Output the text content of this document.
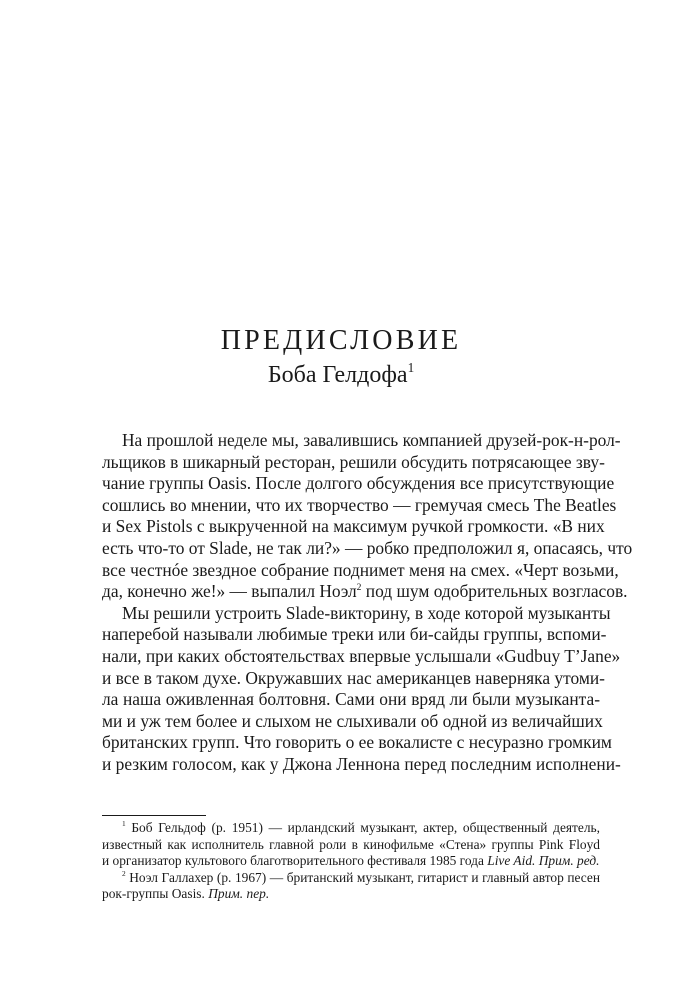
ПРЕДИСЛОВИЕ
Боба Гелдофа$^1$
На прошлой неделе мы, завалившись компанией друзей-рок-н-рол-
льщиков в шикарный ресторан, решили обсудить потрясающее зву-
чание группы Oasis. После долгого обсуждения все присутствующие
сошлись во мнении, что их творчество — гремучая смесь The Beatles
и Sex Pistols с выкрученной на максимум ручкой громкости. «В них
есть что-то от Slade, не так ли?» — робко предположил я, опасаясь, что
все честнóе звездное собрание поднимет меня на смех. «Черт возьми,
да, конечно же!» — выпалил Ноэл$^2$ под шум одобрительных возгласов.
Мы решили устроить Slade-викторину, в ходе которой музыканты
наперебой называли любимые треки или би-сайды группы, вспоми-
нали, при каких обстоятельствах впервые услышали «Gudbuy T’Jane»
и все в таком духе. Окружавших нас американцев наверняка утоми-
ла наша оживленная болтовня. Сами они вряд ли были музыканта-
ми и уж тем более и слыхом не слыхивали об одной из величайших
британских групп. Что говорить о ее вокалисте с несуразно громким
и резким голосом, как у Джона Леннона перед последним исполнени-
$^1$ Боб Гельдоф (р. 1951) — ирландский музыкант, актер, общественный деятель,
известный как исполнитель главной роли в кинофильме «Стена» группы Pink Floyd
и организатор культового благотворительного фестиваля 1985 года Live Aid. Прим. ред.
$^2$ Ноэл Галлахер (р. 1967) — британский музыкант, гитарист и главный автор песен
рок-группы Oasis. Прим. пер.
